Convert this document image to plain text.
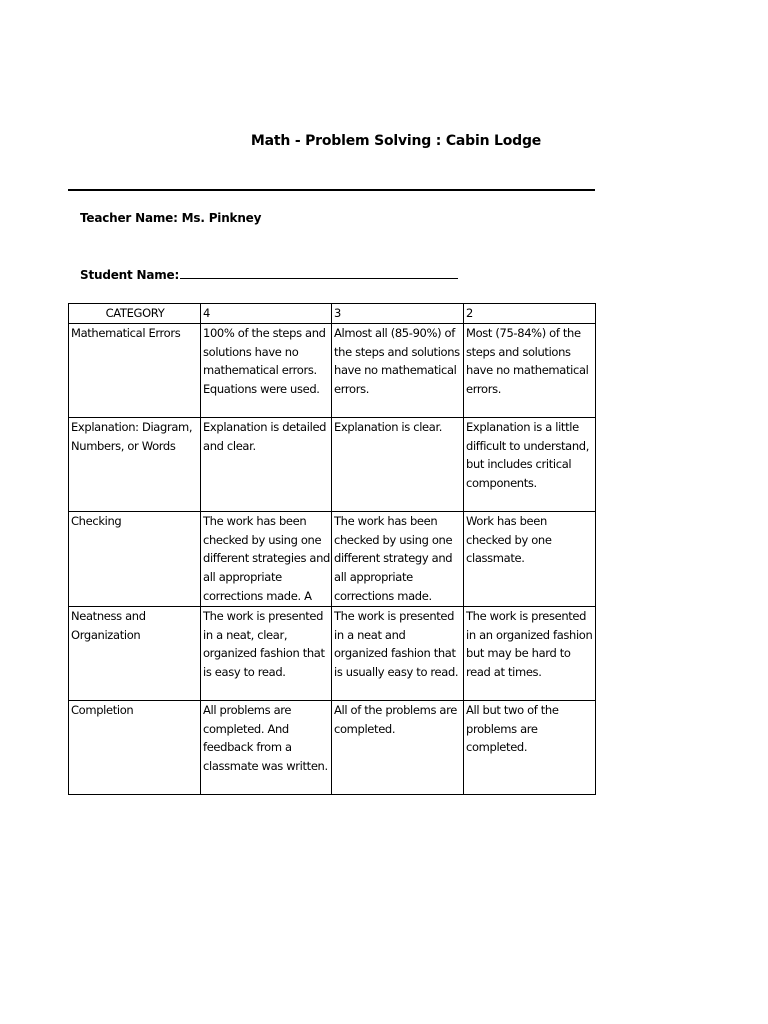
Math - Problem Solving : Cabin Lodge
Teacher Name: Ms. Pinkney
Student Name:
CATEGORY	4	3	2
Mathematical Errors	100% of the steps and solutions have no mathematical errors. Equations were used.	Almost all (85-90%) of the steps and solutions have no mathematical errors.	Most (75-84%) of the steps and solutions have no mathematical errors.
Explanation: Diagram, Numbers, or Words	Explanation is detailed and clear.	Explanation is clear.	Explanation is a little difficult to understand, but includes critical components.
Checking	The work has been checked by using one different strategies and all appropriate corrections made. A	The work has been checked by using one different strategy and all appropriate corrections made.	Work has been checked by one classmate.
Neatness and Organization	The work is presented in a neat, clear, organized fashion that is easy to read.	The work is presented in a neat and organized fashion that is usually easy to read.	The work is presented in an organized fashion but may be hard to read at times.
Completion	All problems are completed. And feedback from a classmate was written.	All of the problems are completed.	All but two of the problems are completed.
